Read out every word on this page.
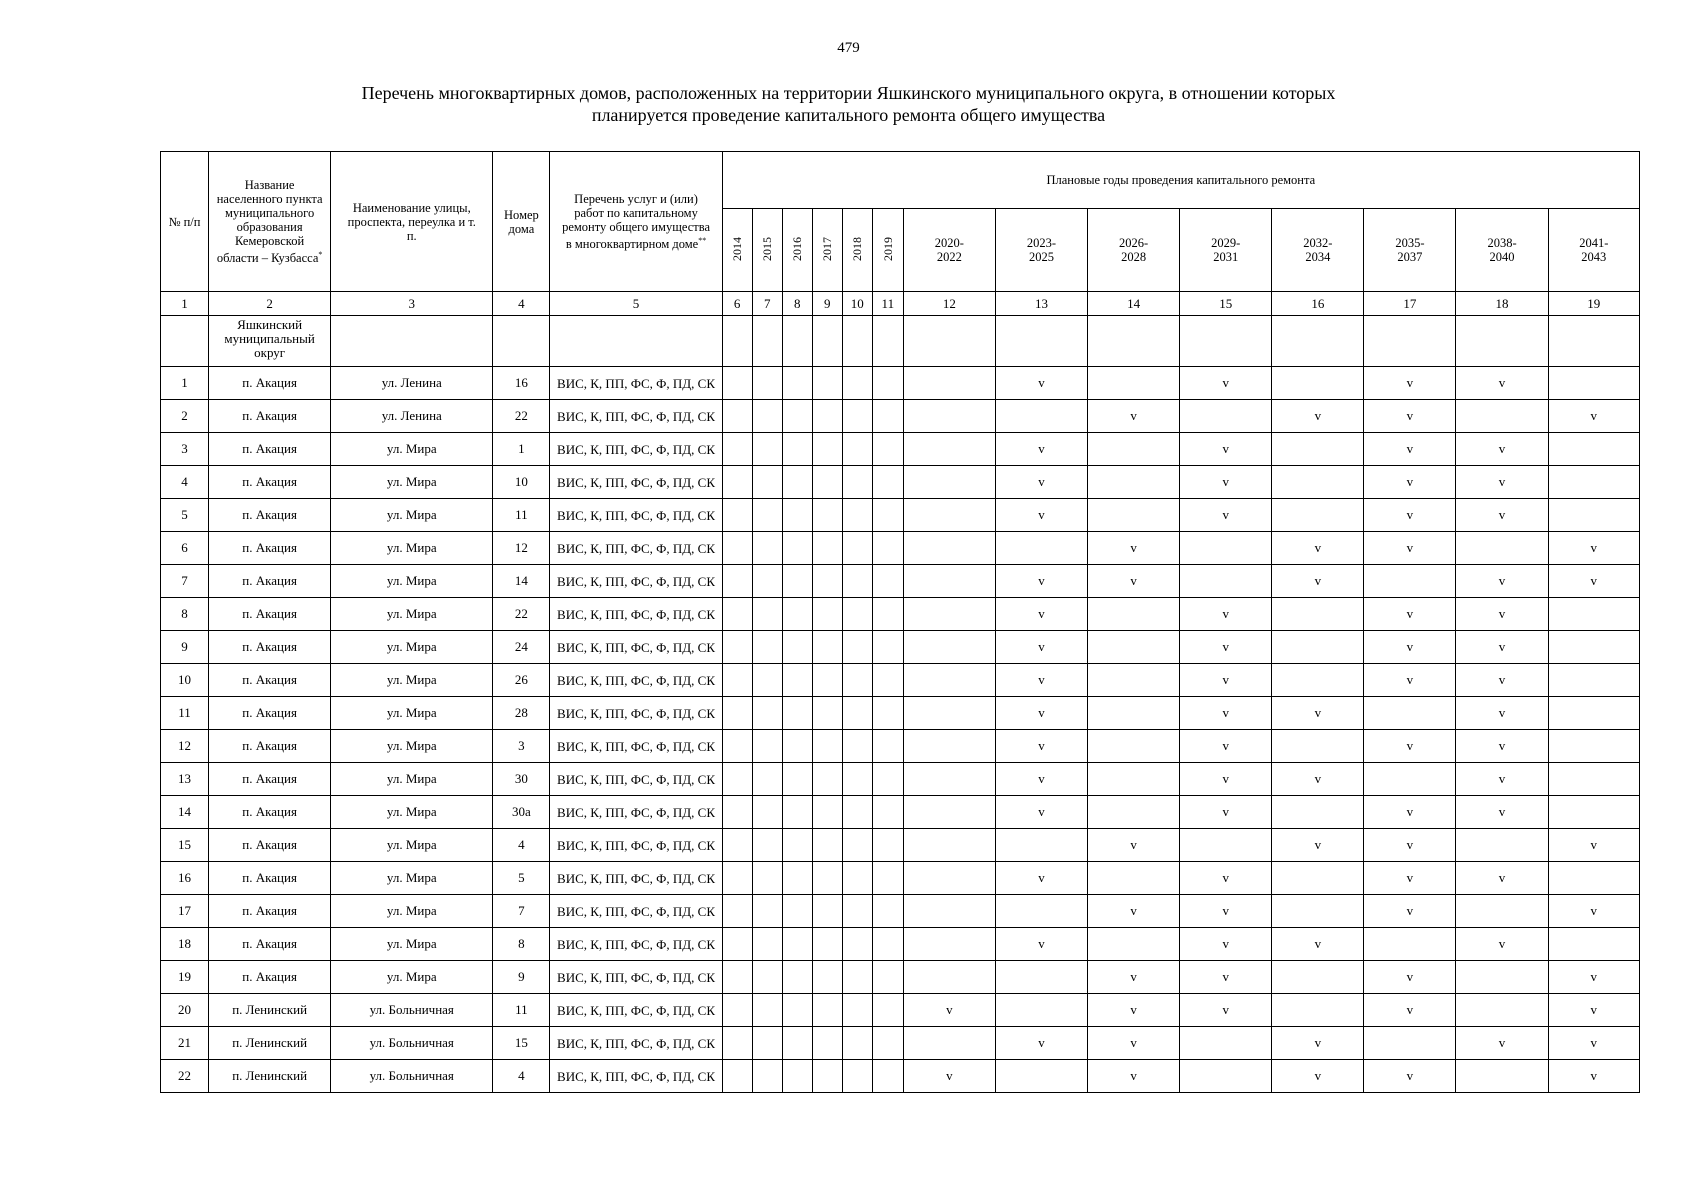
479
Перечень многоквартирных домов, расположенных на территории Яшкинского муниципального округа, в отношении которых
планируется проведение капитального ремонта общего имущества
№ п/п	Название населенного пункта муниципального образования Кемеровской области – Кузбасса*	Наименование улицы, проспекта, переулка и т. п.	Номер дома	Перечень услуг и (или) работ по капитальному ремонту общего имущества в многоквартирном доме**	Плановые годы проведения капитального ремонта													
					2014	2015	2016	2017	2018	2019	2020-2022	2023-2025	2026-2028	2029-2031	2032-2034	2035-2037	2038-2040	2041-2043
1	2	3	4	5	6	7	8	9	10	11	12	13	14	15	16	17	18	19
	Яшкинский муниципальный округ																	
1	п. Акация	ул. Ленина	16	ВИС, К, ПП, ФС, Ф, ПД, СК								v		v		v	v	
2	п. Акация	ул. Ленина	22	ВИС, К, ПП, ФС, Ф, ПД, СК									v		v	v		v
3	п. Акация	ул. Мира	1	ВИС, К, ПП, ФС, Ф, ПД, СК								v		v		v	v	
4	п. Акация	ул. Мира	10	ВИС, К, ПП, ФС, Ф, ПД, СК								v		v		v	v	
5	п. Акация	ул. Мира	11	ВИС, К, ПП, ФС, Ф, ПД, СК								v		v		v	v	
6	п. Акация	ул. Мира	12	ВИС, К, ПП, ФС, Ф, ПД, СК									v		v	v		v
7	п. Акация	ул. Мира	14	ВИС, К, ПП, ФС, Ф, ПД, СК								v	v		v		v	v
8	п. Акация	ул. Мира	22	ВИС, К, ПП, ФС, Ф, ПД, СК								v		v		v	v	
9	п. Акация	ул. Мира	24	ВИС, К, ПП, ФС, Ф, ПД, СК								v		v		v	v	
10	п. Акация	ул. Мира	26	ВИС, К, ПП, ФС, Ф, ПД, СК								v		v		v	v	
11	п. Акация	ул. Мира	28	ВИС, К, ПП, ФС, Ф, ПД, СК								v		v	v		v	
12	п. Акация	ул. Мира	3	ВИС, К, ПП, ФС, Ф, ПД, СК								v		v		v	v	
13	п. Акация	ул. Мира	30	ВИС, К, ПП, ФС, Ф, ПД, СК								v		v	v		v	
14	п. Акация	ул. Мира	30а	ВИС, К, ПП, ФС, Ф, ПД, СК								v		v		v	v	
15	п. Акация	ул. Мира	4	ВИС, К, ПП, ФС, Ф, ПД, СК									v		v	v		v
16	п. Акация	ул. Мира	5	ВИС, К, ПП, ФС, Ф, ПД, СК								v		v		v	v	
17	п. Акация	ул. Мира	7	ВИС, К, ПП, ФС, Ф, ПД, СК									v	v		v		v
18	п. Акация	ул. Мира	8	ВИС, К, ПП, ФС, Ф, ПД, СК								v		v	v		v	
19	п. Акация	ул. Мира	9	ВИС, К, ПП, ФС, Ф, ПД, СК									v	v		v		v
20	п. Ленинский	ул. Больничная	11	ВИС, К, ПП, ФС, Ф, ПД, СК							v		v	v		v		v
21	п. Ленинский	ул. Больничная	15	ВИС, К, ПП, ФС, Ф, ПД, СК								v	v		v		v	v
22	п. Ленинский	ул. Больничная	4	ВИС, К, ПП, ФС, Ф, ПД, СК							v		v		v	v		v
